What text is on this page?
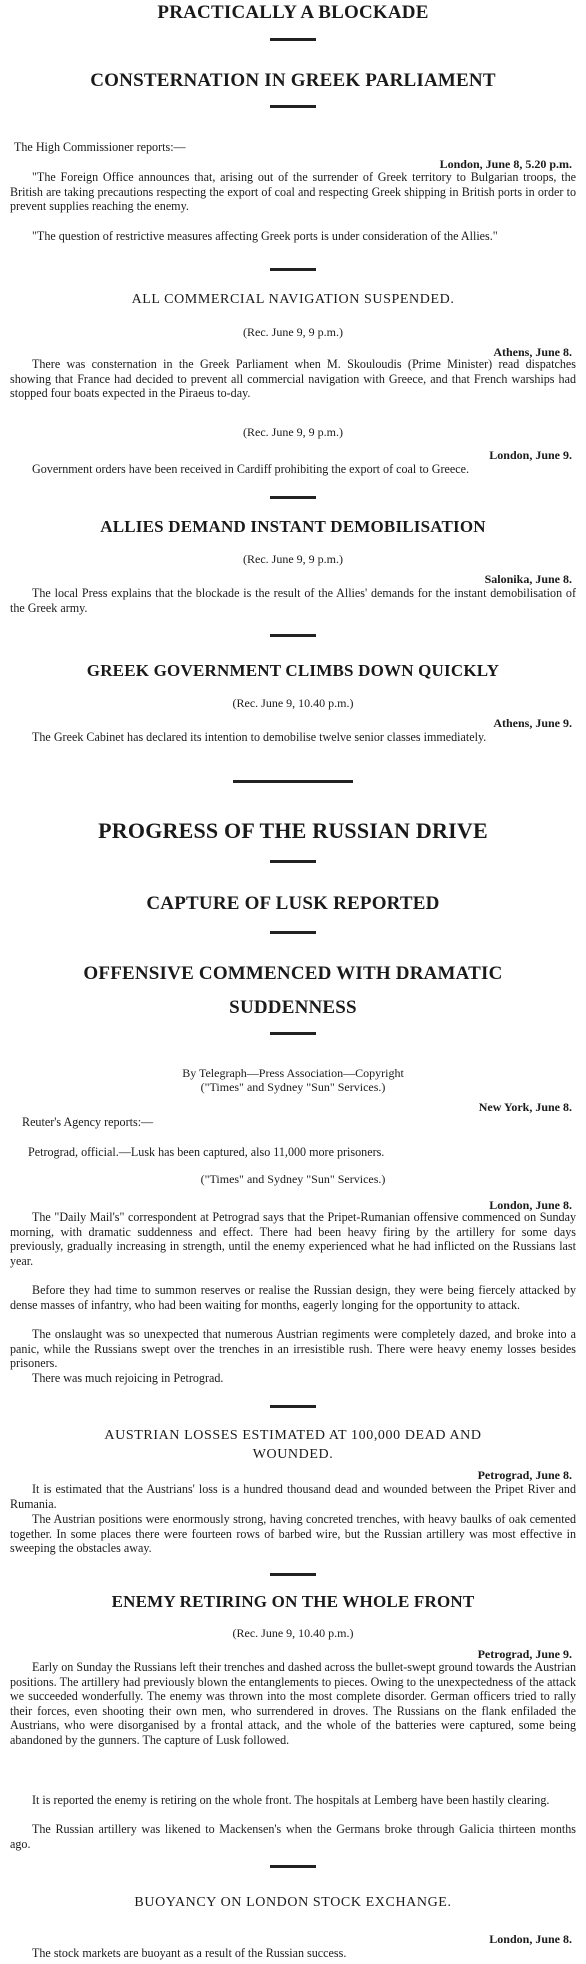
PRACTICALLY A BLOCKADE
CONSTERNATION IN GREEK PARLIAMENT

The High Commissioner reports:—

London, June 8, 5.20 p.m.

"The Foreign Office announces that, arising out of the surrender of Greek territory to Bulgarian troops, the British are taking precautions respecting the export of coal and respecting Greek shipping in British ports in order to prevent supplies reaching the enemy.

"The question of restrictive measures affecting Greek ports is under consideration of the Allies."

ALL COMMERCIAL NAVIGATION SUSPENDED.
(Rec. June 9, 9 p.m.)
Athens, June 8.

There was consternation in the Greek Parliament when M. Skouloudis (Prime Minister) read dispatches showing that France had decided to prevent all commercial navigation with Greece, and that French warships had stopped four boats expected in the Piraeus to-day.

(Rec. June 9, 9 p.m.)
London, June 9.

Government orders have been received in Cardiff prohibiting the export of coal to Greece.

ALLIES DEMAND INSTANT DEMOBILISATION
(Rec. June 9, 9 p.m.)
Salonika, June 8.

The local Press explains that the blockade is the result of the Allies' demands for the instant demobilisation of the Greek army.

GREEK GOVERNMENT CLIMBS DOWN QUICKLY
(Rec. June 9, 10.40 p.m.)
Athens, June 9.

The Greek Cabinet has declared its intention to demobilise twelve senior classes immediately.

PROGRESS OF THE RUSSIAN DRIVE
CAPTURE OF LUSK REPORTED
OFFENSIVE COMMENCED WITH DRAMATIC
SUDDENNESS
By Telegraph—Press Association—Copyright
("Times" and Sydney "Sun" Services.)
New York, June 8.

Reuter's Agency reports:—

Petrograd, official.—Lusk has been captured, also 11,000 more prisoners.

("Times" and Sydney "Sun" Services.)
London, June 8.

The "Daily Mail's" correspondent at Petrograd says that the Pripet-Rumanian offensive commenced on Sunday morning, with dramatic suddenness and effect. There had been heavy firing by the artillery for some days previously, gradually increasing in strength, until the enemy experienced what he had inflicted on the Russians last year.

Before they had time to summon reserves or realise the Russian design, they were being fiercely attacked by dense masses of infantry, who had been waiting for months, eagerly longing for the opportunity to attack.

The onslaught was so unexpected that numerous Austrian regiments were completely dazed, and broke into a panic, while the Russians swept over the trenches in an irresistible rush. There were heavy enemy losses besides prisoners.

There was much rejoicing in Petrograd.

AUSTRIAN LOSSES ESTIMATED AT 100,000 DEAD AND
WOUNDED.
Petrograd, June 8.

It is estimated that the Austrians' loss is a hundred thousand dead and wounded between the Pripet River and Rumania.

The Austrian positions were enormously strong, having concreted trenches, with heavy baulks of oak cemented together. In some places there were fourteen rows of barbed wire, but the Russian artillery was most effective in sweeping the obstacles away.

ENEMY RETIRING ON THE WHOLE FRONT
(Rec. June 9, 10.40 p.m.)
Petrograd, June 9.

Early on Sunday the Russians left their trenches and dashed across the bullet-swept ground towards the Austrian positions. The artillery had previously blown the entanglements to pieces. Owing to the unexpectedness of the attack we succeeded wonderfully. The enemy was thrown into the most complete disorder. German officers tried to rally their forces, even shooting their own men, who surrendered in droves. The Russians on the flank enfiladed the Austrians, who were disorganised by a frontal attack, and the whole of the batteries were captured, some being abandoned by the gunners. The capture of Lusk followed.

It is reported the enemy is retiring on the whole front. The hospitals at Lemberg have been hastily clearing.

The Russian artillery was likened to Mackensen's when the Germans broke through Galicia thirteen months ago.

BUOYANCY ON LONDON STOCK EXCHANGE.
London, June 8.

The stock markets are buoyant as a result of the Russian success.
